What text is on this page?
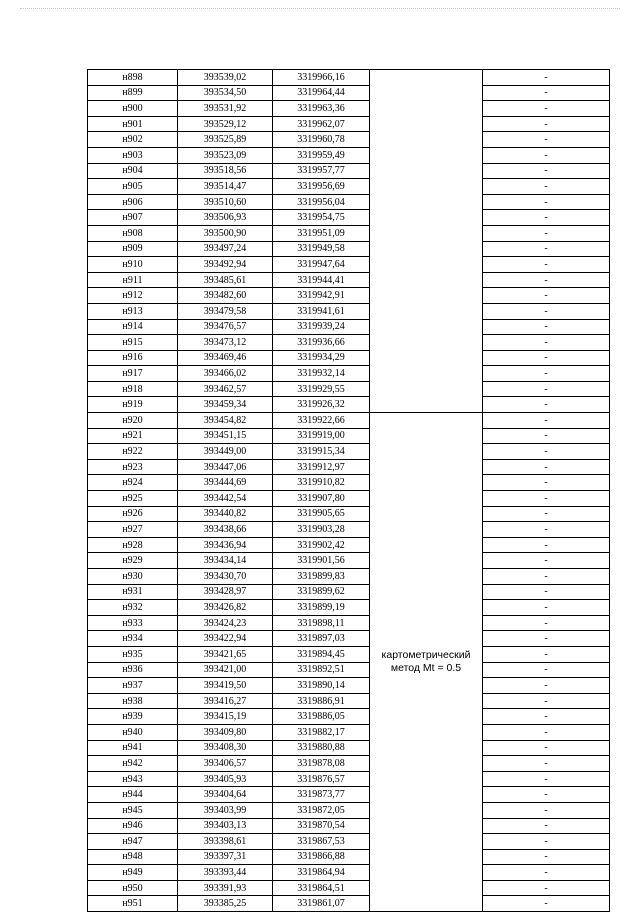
н898	393539,02	3319966,16		-
н899	393534,50	3319964,44		-
н900	393531,92	3319963,36		-
н901	393529,12	3319962,07		-
н902	393525,89	3319960,78		-
н903	393523,09	3319959,49		-
н904	393518,56	3319957,77		-
н905	393514,47	3319956,69		-
н906	393510,60	3319956,04		-
н907	393506,93	3319954,75		-
н908	393500,90	3319951,09		-
н909	393497,24	3319949,58		-
н910	393492,94	3319947,64		-
н911	393485,61	3319944,41		-
н912	393482,60	3319942,91		-
н913	393479,58	3319941,61		-
н914	393476,57	3319939,24		-
н915	393473,12	3319936,66		-
н916	393469,46	3319934,29		-
н917	393466,02	3319932,14		-
н918	393462,57	3319929,55		-
н919	393459,34	3319926,32		-
н920	393454,82	3319922,66	картометрический метод Mt = 0.5	-
н921	393451,15	3319919,00		-
н922	393449,00	3319915,34		-
н923	393447,06	3319912,97		-
н924	393444,69	3319910,82		-
н925	393442,54	3319907,80		-
н926	393440,82	3319905,65		-
н927	393438,66	3319903,28		-
н928	393436,94	3319902,42		-
н929	393434,14	3319901,56		-
н930	393430,70	3319899,83		-
н931	393428,97	3319899,62		-
н932	393426,82	3319899,19		-
н933	393424,23	3319898,11		-
н934	393422,94	3319897,03		-
н935	393421,65	3319894,45		-
н936	393421,00	3319892,51		-
н937	393419,50	3319890,14		-
н938	393416,27	3319886,91		-
н939	393415,19	3319886,05		-
н940	393409,80	3319882,17		-
н941	393408,30	3319880,88		-
н942	393406,57	3319878,08		-
н943	393405,93	3319876,57		-
н944	393404,64	3319873,77		-
н945	393403,99	3319872,05		-
н946	393403,13	3319870,54		-
н947	393398,61	3319867,53		-
н948	393397,31	3319866,88		-
н949	393393,44	3319864,94		-
н950	393391,93	3319864,51		-
н951	393385,25	3319861,07		-
